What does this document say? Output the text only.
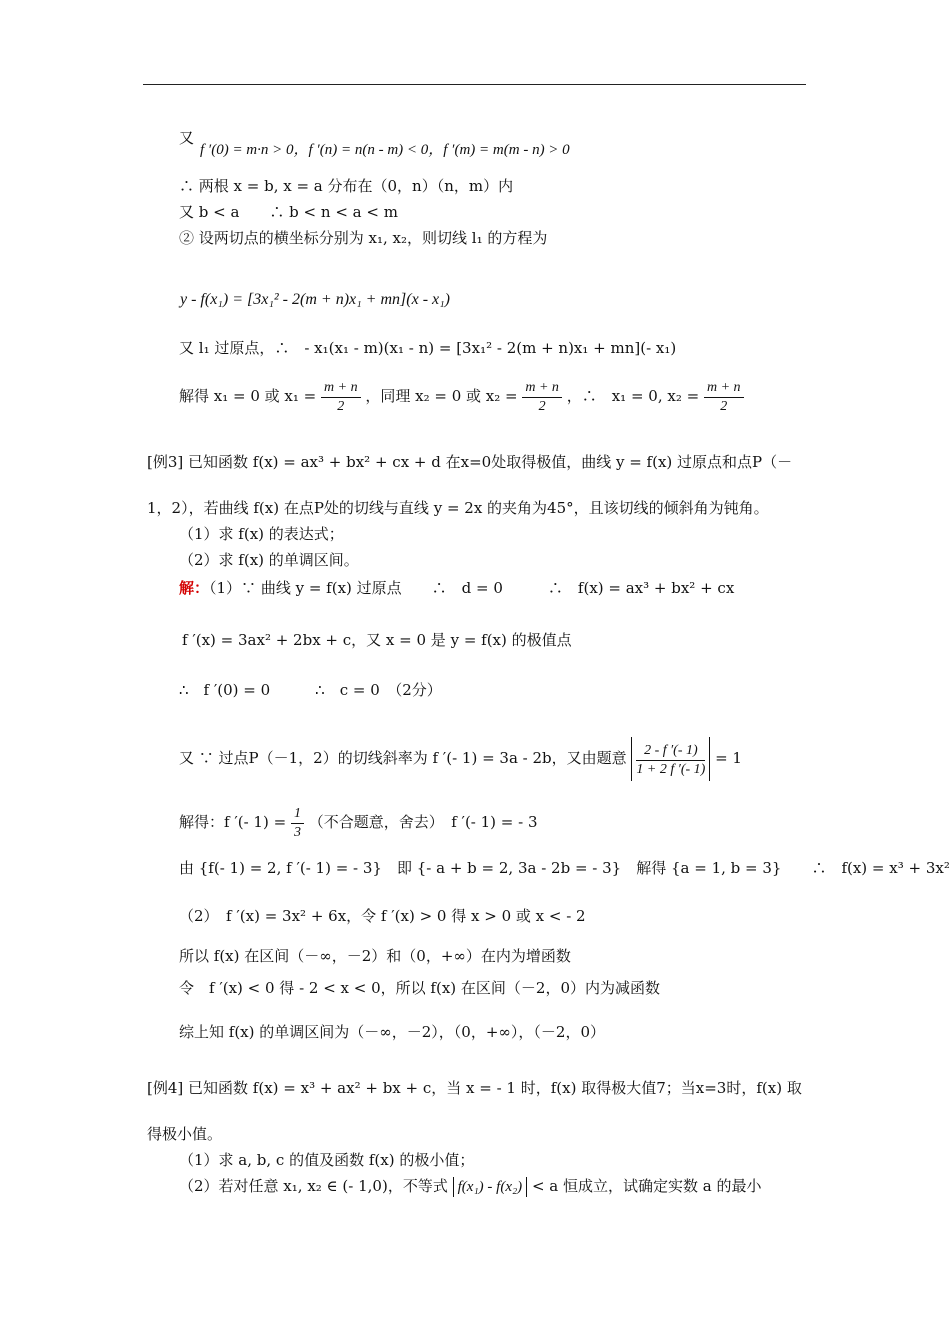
又
f ′(0) = m·n > 0，f ′(n) = n(n - m) < 0，f ′(m) = m(m - n) > 0
∴ 两根 x = b, x = a 分布在（0，n）（n，m）内
又 b < a　　∴ b < n < a < m
② 设两切点的横坐标分别为 x₁, x₂，则切线 l₁ 的方程为
y - f(x₁) = [3x₁² - 2(m + n)x₁ + mn](x - x₁)
又 l₁ 过原点，∴　- x₁(x₁ - m)(x₁ - n) = [3x₁² - 2(m + n)x₁ + mn](- x₁)
解得 x₁ = 0 或 $x_1 = \frac{m + n}{2}$ ，同理 x₂ = 0 或 $x_2 = \frac{m + n}{2}$ ，∴　x₁ = 0, $x_2 = \frac{m + n}{2}$
[例3] 已知函数 f(x) = ax³ + bx² + cx + d 在x=0处取得极值，曲线 y = f(x) 过原点和点P（－
1，2），若曲线 f(x) 在点P处的切线与直线 y = 2x 的夹角为45°，且该切线的倾斜角为钝角。
（1）求 f(x) 的表达式；
（2）求 f(x) 的单调区间。
解：（1）∵ 曲线 y = f(x) 过原点　　∴　d = 0　　　∴　f(x) = ax³ + bx² + cx
f ′(x) = 3ax² + 2bx + c，又 x = 0 是 y = f(x) 的极值点
∴　f ′(0) = 0　　　∴　c = 0　（2分）
又 ∵ 过点P（－1，2）的切线斜率为 f ′(- 1) = 3a - 2b，又由题意 $\frac{2 - f '(- 1)}{1 + 2 f '(- 1)} = 1$
解得：f ′(- $1) = \frac{1}{3}$ （不合题意，舍去）　f ′(- 1) = - 3
由 {f(- 1) = 2, f ′(- 1) = - 3}　即 {- a + b = 2, 3a - 2b = - 3}　解得 {a = 1, b = 3}　　∴　f(x) = x³ + 3x²
（2）　f ′(x) = 3x² + 6x，令 f ′(x) > 0 得 x > 0 或 x < - 2
所以 f(x) 在区间（－∞，－2）和（0，+∞）在内为增函数
令　f ′(x) < 0 得 - 2 < x < 0，所以 f(x) 在区间（－2，0）内为减函数
综上知 f(x) 的单调区间为（－∞，－2），（0，+∞），（－2，0）
[例4] 已知函数 f(x) = x³ + ax² + bx + c，当 x = - 1 时，f(x) 取得极大值7；当x=3时，f(x) 取
得极小值。
（1）求 a, b, c 的值及函数 f(x) 的极小值；
（2）若对任意 x₁, x₂ ∈ (- 1,0)，不等式 f(x₁) - f(x₂) < a 恒成立，试确定实数 a 的最小
